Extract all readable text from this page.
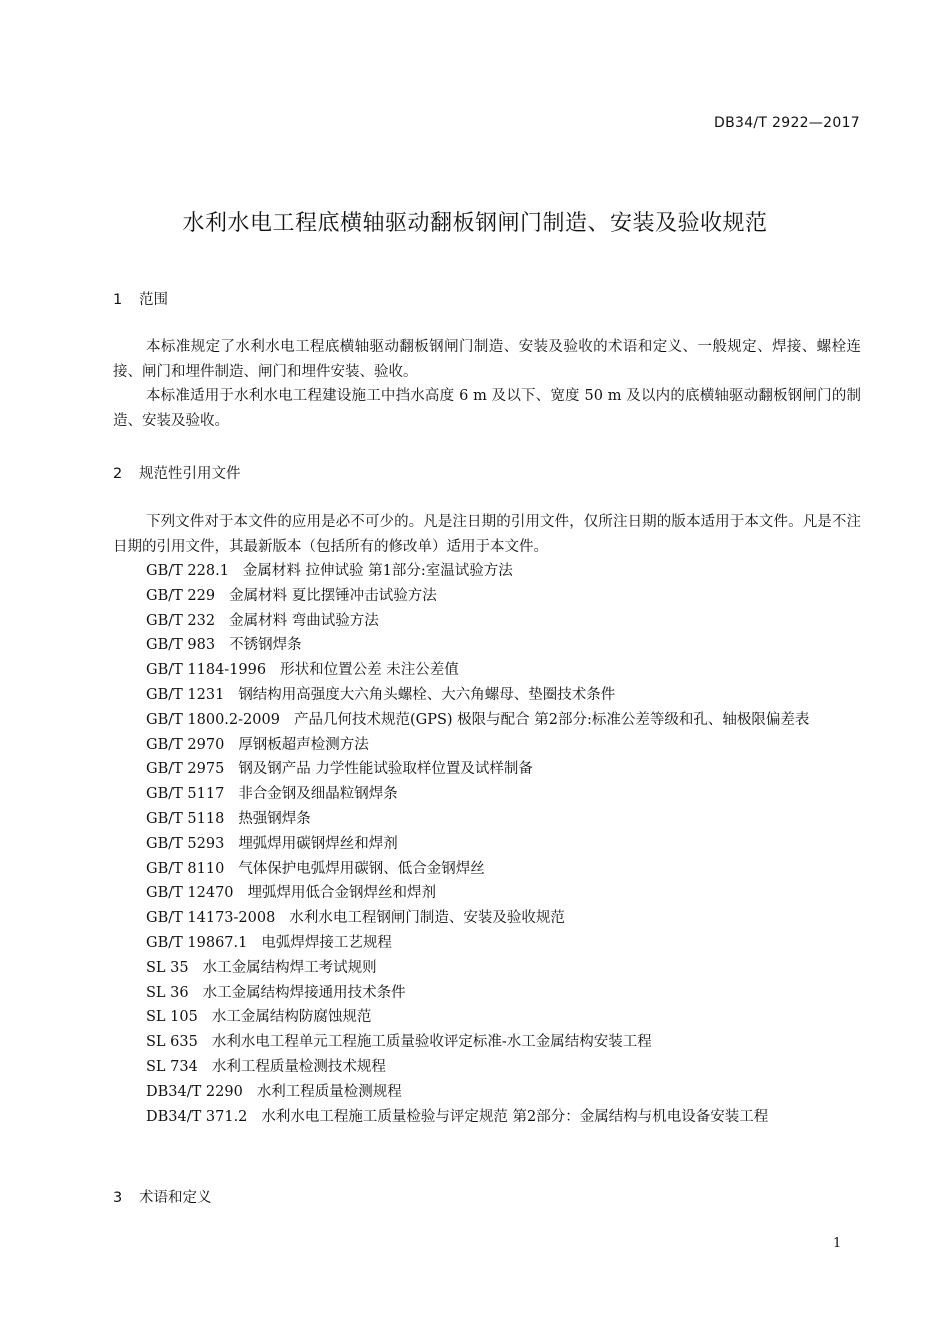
DB34/T 2922—2017
水利水电工程底横轴驱动翻板钢闸门制造、安装及验收规范
1 范围

本标准规定了水利水电工程底横轴驱动翻板钢闸门制造、安装及验收的术语和定义、一般规定、焊接、螺栓连接、闸门和埋件制造、闸门和埋件安装、验收。

本标准适用于水利水电工程建设施工中挡水高度 6 m 及以下、宽度 50 m 及以内的底横轴驱动翻板钢闸门的制造、安装及验收。

2 规范性引用文件

下列文件对于本文件的应用是必不可少的。凡是注日期的引用文件，仅所注日期的版本适用于本文件。凡是不注日期的引用文件，其最新版本（包括所有的修改单）适用于本文件。

GB/T 228.1 金属材料 拉伸试验 第1部分:室温试验方法
GB/T 229 金属材料 夏比摆锤冲击试验方法
GB/T 232 金属材料 弯曲试验方法
GB/T 983 不锈钢焊条
GB/T 1184-1996 形状和位置公差 未注公差值
GB/T 1231 钢结构用高强度大六角头螺栓、大六角螺母、垫圈技术条件
GB/T 1800.2-2009 产品几何技术规范(GPS) 极限与配合 第2部分:标准公差等级和孔、轴极限偏差表
GB/T 2970 厚钢板超声检测方法
GB/T 2975 钢及钢产品 力学性能试验取样位置及试样制备
GB/T 5117 非合金钢及细晶粒钢焊条
GB/T 5118 热强钢焊条
GB/T 5293 埋弧焊用碳钢焊丝和焊剂
GB/T 8110 气体保护电弧焊用碳钢、低合金钢焊丝
GB/T 12470 埋弧焊用低合金钢焊丝和焊剂
GB/T 14173-2008 水利水电工程钢闸门制造、安装及验收规范
GB/T 19867.1 电弧焊焊接工艺规程
SL 35 水工金属结构焊工考试规则
SL 36 水工金属结构焊接通用技术条件
SL 105 水工金属结构防腐蚀规范
SL 635 水利水电工程单元工程施工质量验收评定标准-水工金属结构安装工程
SL 734 水利工程质量检测技术规程
DB34/T 2290 水利工程质量检测规程
DB34/T 371.2 水利水电工程施工质量检验与评定规范 第2部分：金属结构与机电设备安装工程
3 术语和定义
1
